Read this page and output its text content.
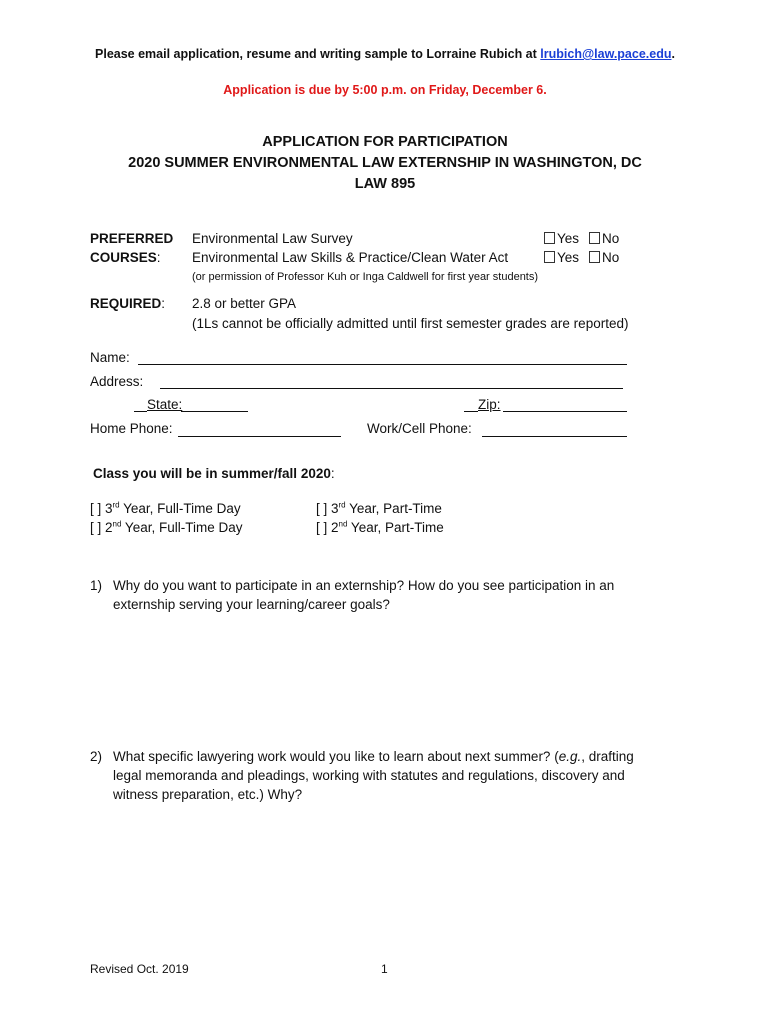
Please email application, resume and writing sample to Lorraine Rubich at lrubich@law.pace.edu.
Application is due by 5:00 p.m. on Friday, December 6.
APPLICATION FOR PARTICIPATION
2020 SUMMER ENVIRONMENTAL LAW EXTERNSHIP IN WASHINGTON, DC
LAW 895
PREFERRED
COURSES:
Environmental Law Survey	Yes	No
Environmental Law Skills & Practice/Clean Water Act	Yes	No
(or permission of Professor Kuh or Inga Caldwell for first year students)
REQUIRED: 2.8 or better GPA
(1Ls cannot be officially admitted until first semester grades are reported)
Name:
Address:
State:	Zip:
Home Phone:	Work/Cell Phone:
Class you will be in summer/fall 2020:
[ ] 3rd Year, Full-Time Day	[ ] 3rd Year, Part-Time
[ ] 2nd Year, Full-Time Day	[ ] 2nd Year, Part-Time
1) Why do you want to participate in an externship? How do you see participation in an externship serving your learning/career goals?
2) What specific lawyering work would you like to learn about next summer? (e.g., drafting legal memoranda and pleadings, working with statutes and regulations, discovery and witness preparation, etc.) Why?
Revised Oct. 2019	1
